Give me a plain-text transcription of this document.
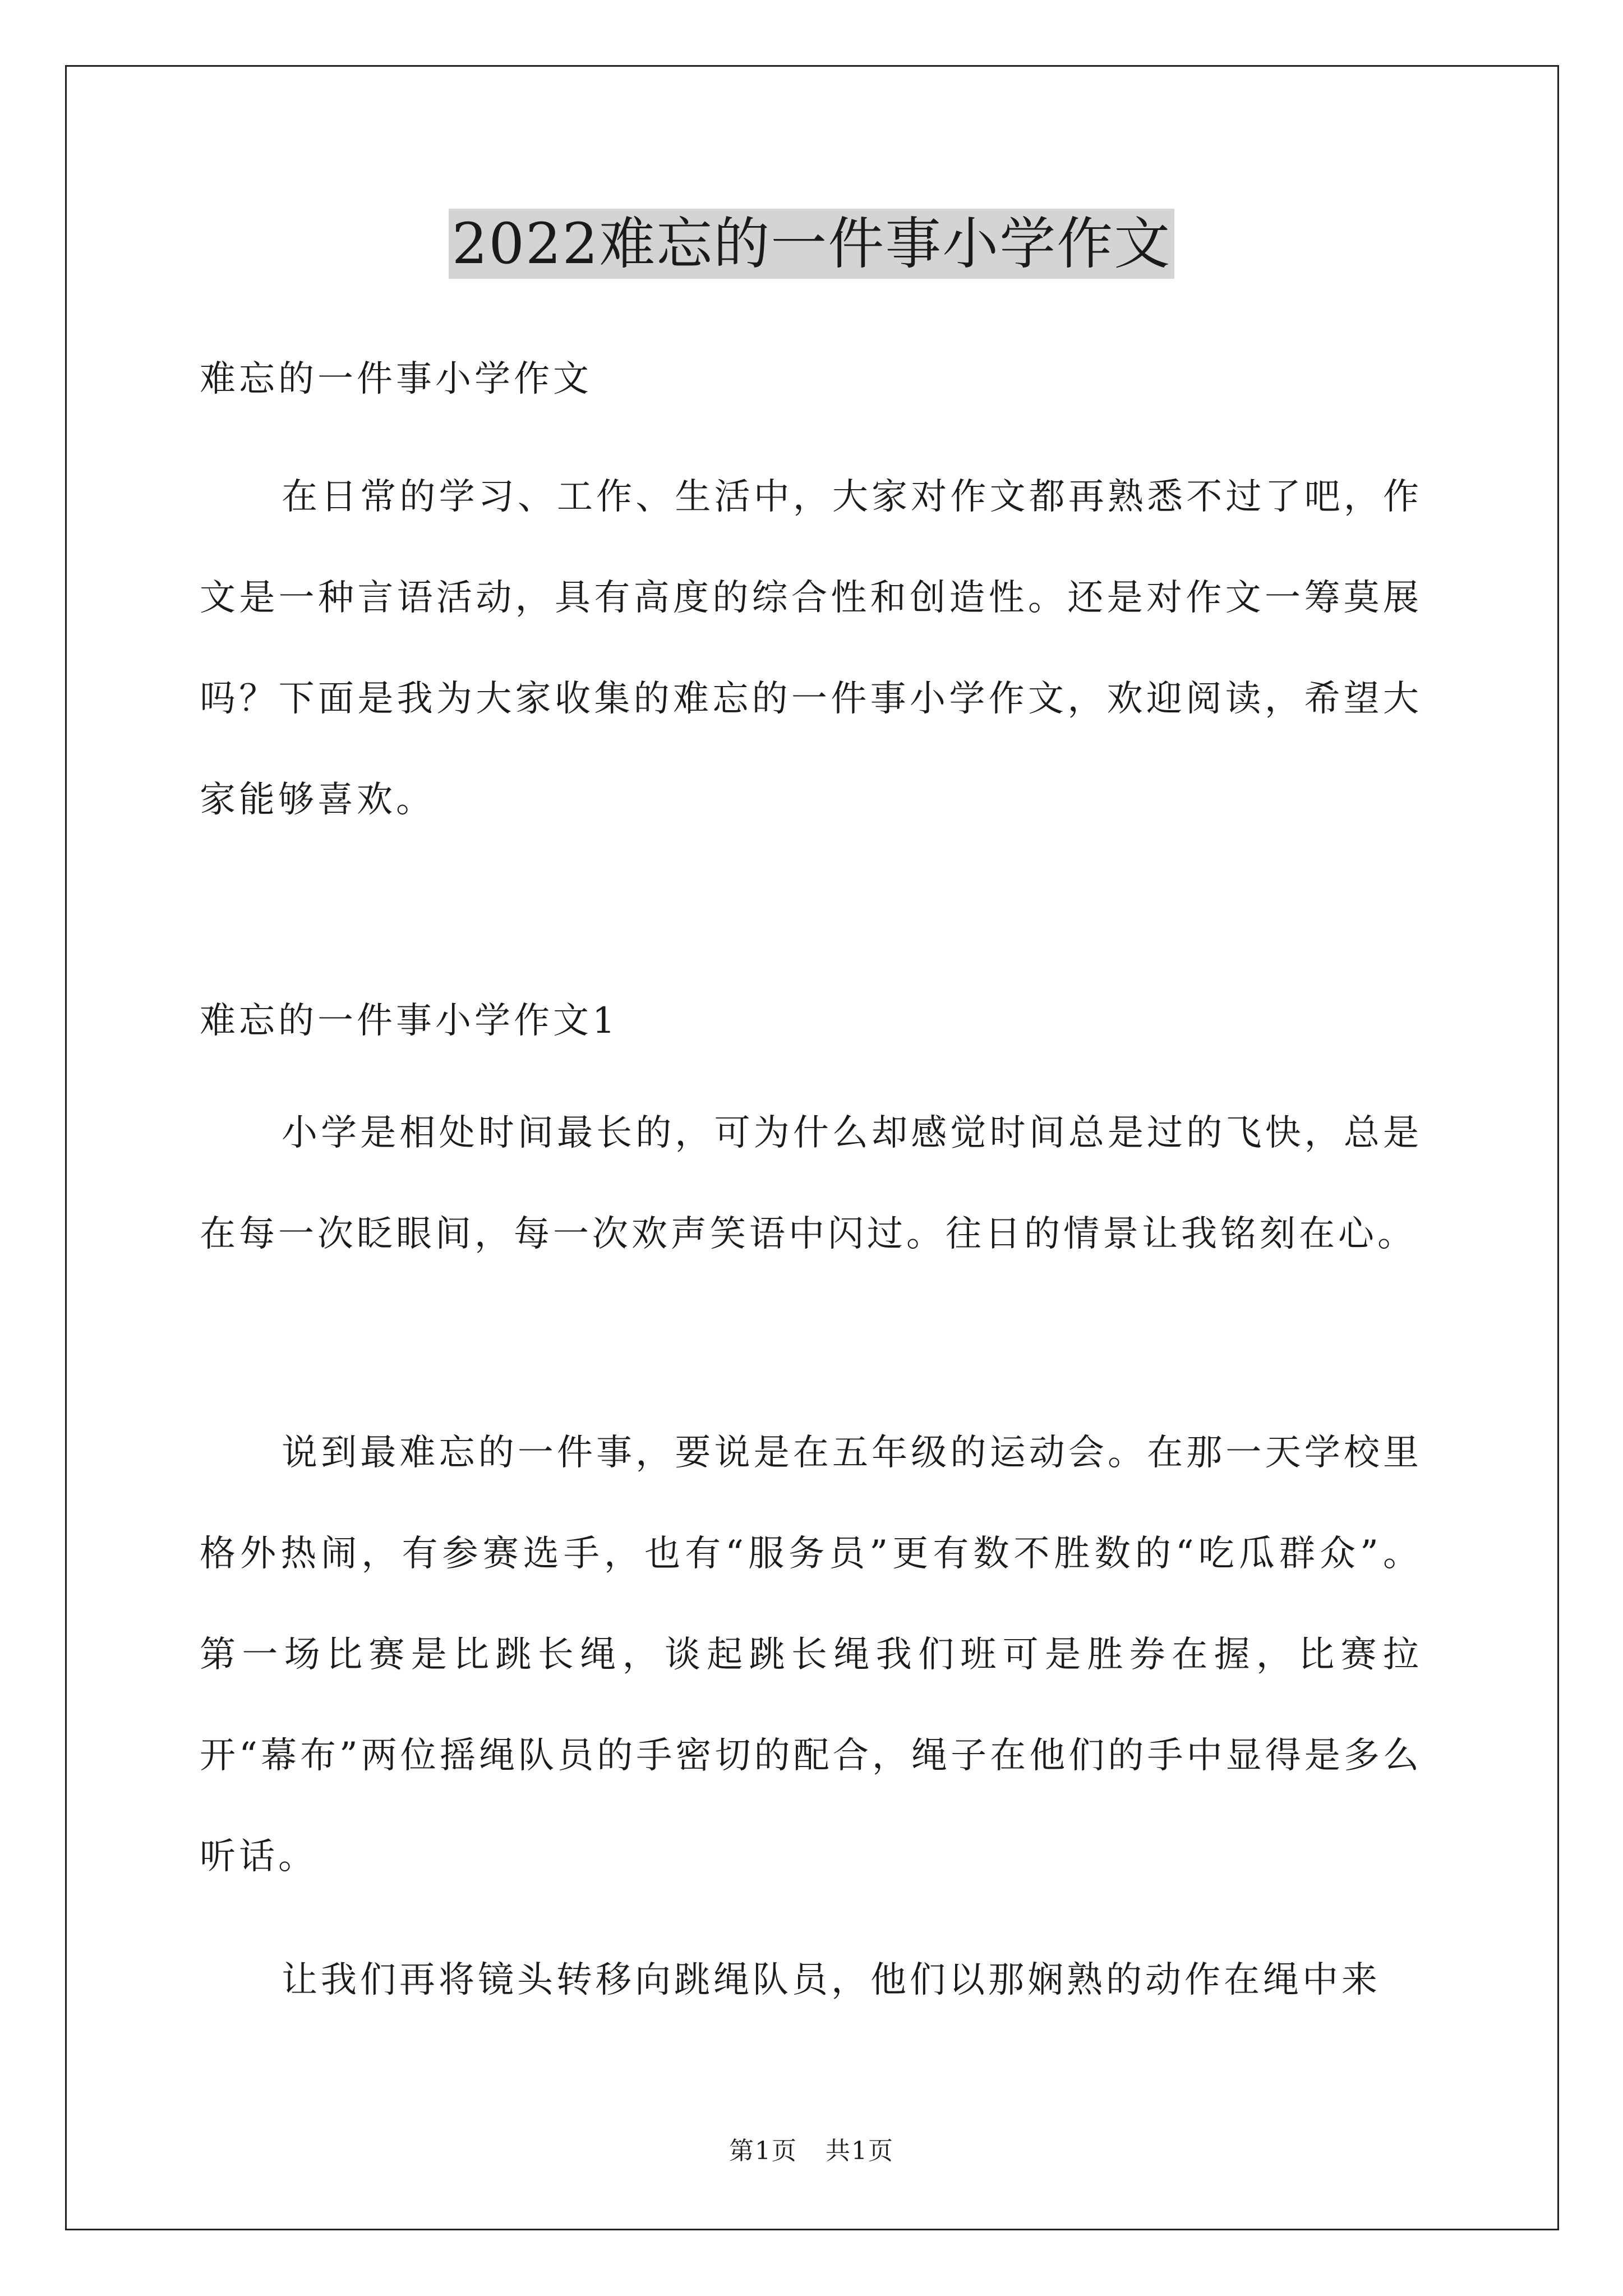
2022难忘的一件事小学作文

难忘的一件事小学作文

在日常的学习、工作、生活中，大家对作文都再熟悉不过了吧，作文是一种言语活动，具有高度的综合性和创造性。还是对作文一筹莫展吗？下面是我为大家收集的难忘的一件事小学作文，欢迎阅读，希望大家能够喜欢。

难忘的一件事小学作文1

小学是相处时间最长的，可为什么却感觉时间总是过的飞快，总是在每一次眨眼间，每一次欢声笑语中闪过。往日的情景让我铭刻在心。

说到最难忘的一件事，要说是在五年级的运动会。在那一天学校里格外热闹，有参赛选手，也有“服务员”更有数不胜数的“吃瓜群众”。第一场比赛是比跳长绳，谈起跳长绳我们班可是胜券在握，比赛拉开“幕布”两位摇绳队员的手密切的配合，绳子在他们的手中显得是多么听话。

让我们再将镜头转移向跳绳队员，他们以那娴熟的动作在绳中来

第1页 共1页
